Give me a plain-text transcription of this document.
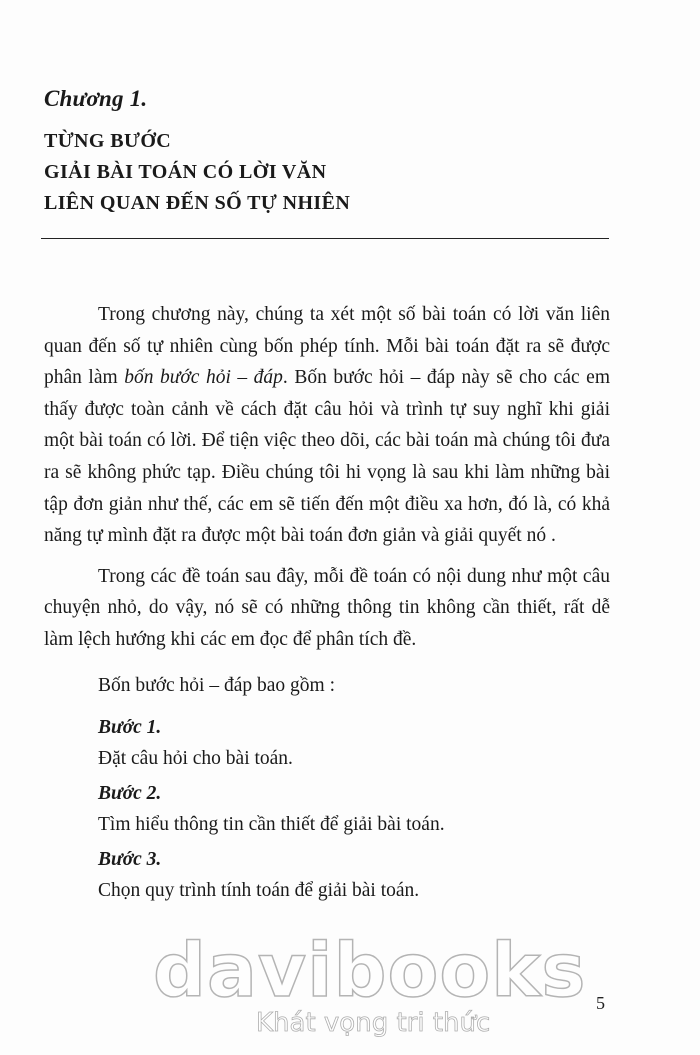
Chương 1.
TỪNG BƯỚC
GIẢI BÀI TOÁN CÓ LỜI VĂN
LIÊN QUAN ĐẾN SỐ TỰ NHIÊN

Trong chương này, chúng ta xét một số bài toán có lời văn liên quan đến số tự nhiên cùng bốn phép tính. Mỗi bài toán đặt ra sẽ được phân làm bốn bước hỏi – đáp. Bốn bước hỏi – đáp này sẽ cho các em thấy được toàn cảnh về cách đặt câu hỏi và trình tự suy nghĩ khi giải một bài toán có lời. Để tiện việc theo dõi, các bài toán mà chúng tôi đưa ra sẽ không phức tạp. Điều chúng tôi hi vọng là sau khi làm những bài tập đơn giản như thế, các em sẽ tiến đến một điều xa hơn, đó là, có khả năng tự mình đặt ra được một bài toán đơn giản và giải quyết nó .

Trong các đề toán sau đây, mỗi đề toán có nội dung như một câu chuyện nhỏ, do vậy, nó sẽ có những thông tin không cần thiết, rất dễ làm lệch hướng khi các em đọc để phân tích đề.

Bốn bước hỏi – đáp bao gồm :

Bước 1.
Đặt câu hỏi cho bài toán.
Bước 2.
Tìm hiểu thông tin cần thiết để giải bài toán.
Bước 3.
Chọn quy trình tính toán để giải bài toán.
davibooks
Khát vọng tri thức
5
